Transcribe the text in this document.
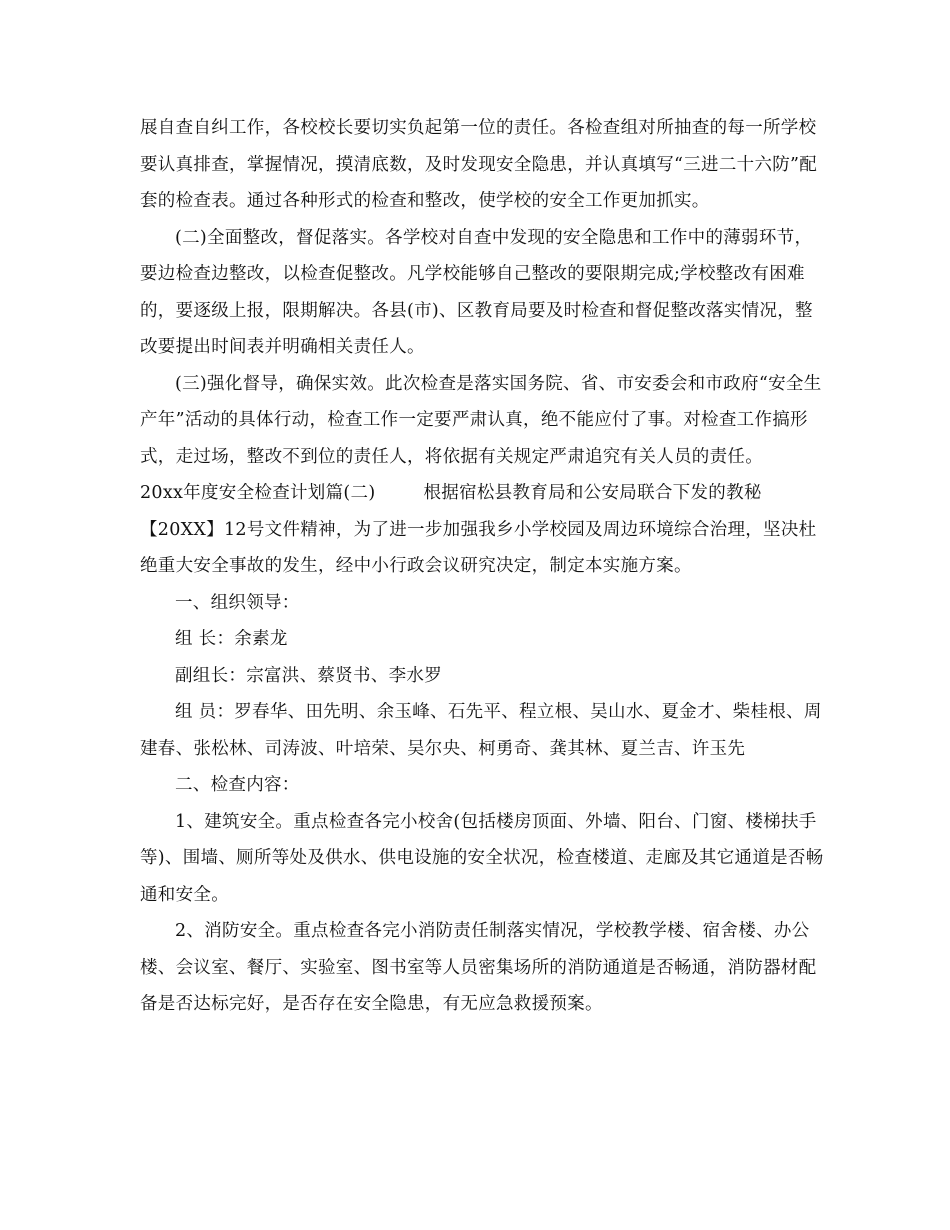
展自查自纠工作，各校校长要切实负起第一位的责任。各检查组对所抽查的每一所学校要认真排查，掌握情况，摸清底数，及时发现安全隐患，并认真填写“三进二十六防”配套的检查表。通过各种形式的检查和整改，使学校的安全工作更加抓实。

(二)全面整改，督促落实。各学校对自查中发现的安全隐患和工作中的薄弱环节，要边检查边整改，以检查促整改。凡学校能够自己整改的要限期完成;学校整改有困难的，要逐级上报，限期解决。各县(市)、区教育局要及时检查和督促整改落实情况，整改要提出时间表并明确相关责任人。

(三)强化督导，确保实效。此次检查是落实国务院、省、市安委会和市政府“安全生产年”活动的具体行动，检查工作一定要严肃认真，绝不能应付了事。对检查工作搞形式，走过场，整改不到位的责任人，将依据有关规定严肃追究有关人员的责任。

20xx年度安全检查计划篇(二)	根据宿松县教育局和公安局联合下发的教秘【20XX】12号文件精神，为了进一步加强我乡小学校园及周边环境综合治理，坚决杜绝重大安全事故的发生，经中小行政会议研究决定，制定本实施方案。

一、组织领导：

组 长：余素龙

副组长：宗富洪、蔡贤书、李水罗

组 员：罗春华、田先明、余玉峰、石先平、程立根、吴山水、夏金才、柴桂根、周建春、张松林、司涛波、叶培荣、吴尔央、柯勇奇、龚其林、夏兰吉、许玉先

二、检查内容：

1、建筑安全。重点检查各完小校舍(包括楼房顶面、外墙、阳台、门窗、楼梯扶手等)、围墙、厕所等处及供水、供电设施的安全状况，检查楼道、走廊及其它通道是否畅通和安全。

2、消防安全。重点检查各完小消防责任制落实情况，学校教学楼、宿舍楼、办公楼、会议室、餐厅、实验室、图书室等人员密集场所的消防通道是否畅通，消防器材配备是否达标完好，是否存在安全隐患，有无应急救援预案。
